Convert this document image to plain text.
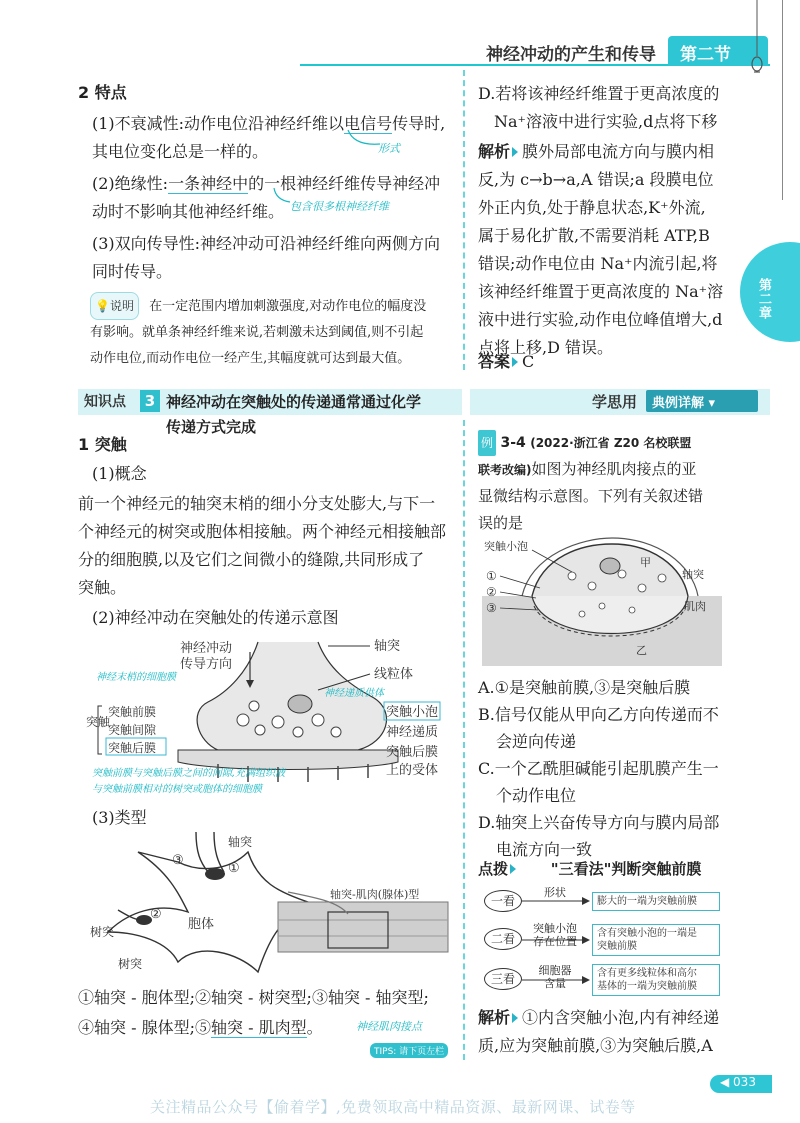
神经冲动的产生和传导	第二节
第二章
2 特点
(1)不衰减性:动作电位沿神经纤维以电信号传导时,
其电位变化总是一样的。	形式
(2)绝缘性:一条神经中的一根神经纤维传导神经冲
动时不影响其他神经纤维。 包含很多根神经纤维
(3)双向传导性:神经冲动可沿神经纤维向两侧方向
同时传导。
💡说明 在一定范围内增加刺激强度,对动作电位的幅度没
有影响。就单条神经纤维来说,若刺激未达到阈值,则不引起
动作电位,而动作电位一经产生,其幅度就可达到最大值。
知识点	3 神经冲动在突触处的传递通常通过化学
传递方式完成
1 突触
(1)概念
前一个神经元的轴突末梢的细小分支处膨大,与下一
个神经元的树突或胞体相接触。两个神经元相接触部
分的细胞膜,以及它们之间微小的缝隙,共同形成了
突触。
(2)神经冲动在突触处的传递示意图
神经冲动
传导方向
轴突
线粒体
神经递质供体
突触小泡
神经递质
突触后膜
上的受体
神经末梢的细胞膜
突触
突触前膜
突触间隙
突触后膜
突触前膜与突触后膜之间的间隙,充满组织液
与突触前膜相对的树突或胞体的细胞膜
(3)类型
轴突
③
①
②
胞体
树突
树突
轴突-肌肉(腺体)型
①轴突 - 胞体型;②轴突 - 树突型;③轴突 - 轴突型;
④轴突 - 腺体型;⑤轴突 - 肌肉型。	神经肌肉接点
TIPS: 请下页左栏
D.若将该神经纤维置于更高浓度的
Na⁺溶液中进行实验,d点将下移
解析 膜外局部电流方向与膜内相
反,为 c→b→a,A 错误;a 段膜电位
外正内负,处于静息状态,K⁺外流,
属于易化扩散,不需要消耗 ATP,B
错误;动作电位由 Na⁺内流引起,将
该神经纤维置于更高浓度的 Na⁺溶
液中进行实验,动作电位峰值增大,d
点将上移,D 错误。
答案 C
学思用	典例详解 ▾
例 3-4 (2022·浙江省 Z20 名校联盟
联考改编)如图为神经肌肉接点的亚
显微结构示意图。下列有关叙述错
误的是
突触小泡
甲
轴突
肌肉
乙
①
②
③
A.①是突触前膜,③是突触后膜
B.信号仅能从甲向乙方向传递而不
会逆向传递
C.一个乙酰胆碱能引起肌膜产生一
个动作电位
D.轴突上兴奋传导方向与膜内局部
电流方向一致
点拨	"三看法"判断突触前膜
一看
二看
三看
形状
突触小泡
存在位置
细胞器
含量
膨大的一端为突触前膜
含有突触小泡的一端是
突触前膜
含有更多线粒体和高尔
基体的一端为突触前膜
解析 ①内含突触小泡,内有神经递
质,应为突触前膜,③为突触后膜,A
◀ 033
关注精品公众号【偷着学】,免费领取高中精品资源、最新网课、试卷等
